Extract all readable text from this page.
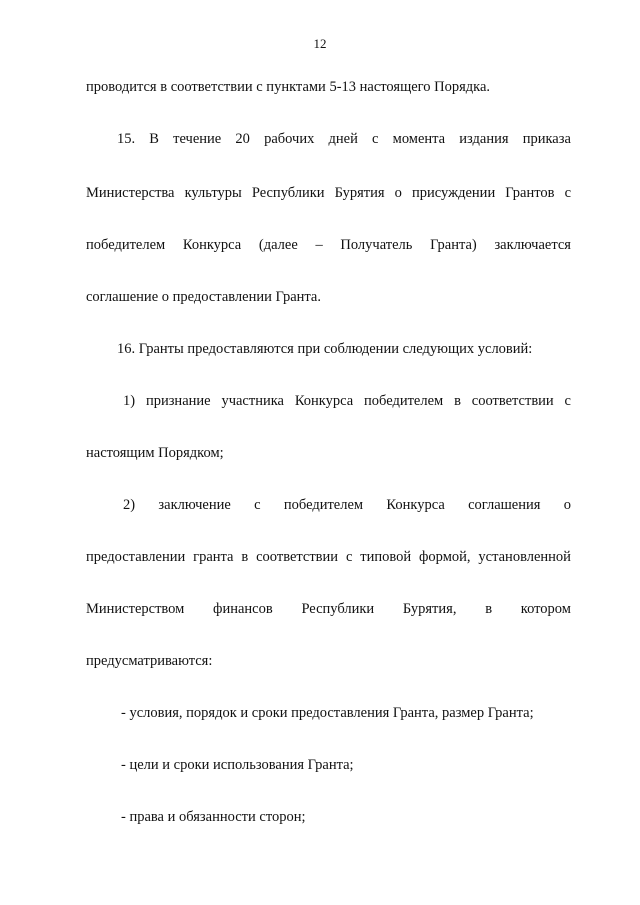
12
проводится в соответствии с пунктами 5-13 настоящего Порядка.
15. В течение 20 рабочих дней с момента издания приказа
Министерства культуры Республики Бурятия о присуждении Грантов с
победителем Конкурса (далее – Получатель Гранта) заключается
соглашение о предоставлении Гранта.
16. Гранты предоставляются при соблюдении следующих условий:
1) признание участника Конкурса победителем в соответствии с
настоящим Порядком;
2) заключение с победителем Конкурса соглашения о
предоставлении гранта в соответствии с типовой формой, установленной
Министерством финансов Республики Бурятия, в котором
предусматриваются:
- условия, порядок и сроки предоставления Гранта, размер Гранта;
- цели и сроки использования Гранта;
- права и обязанности сторон;
